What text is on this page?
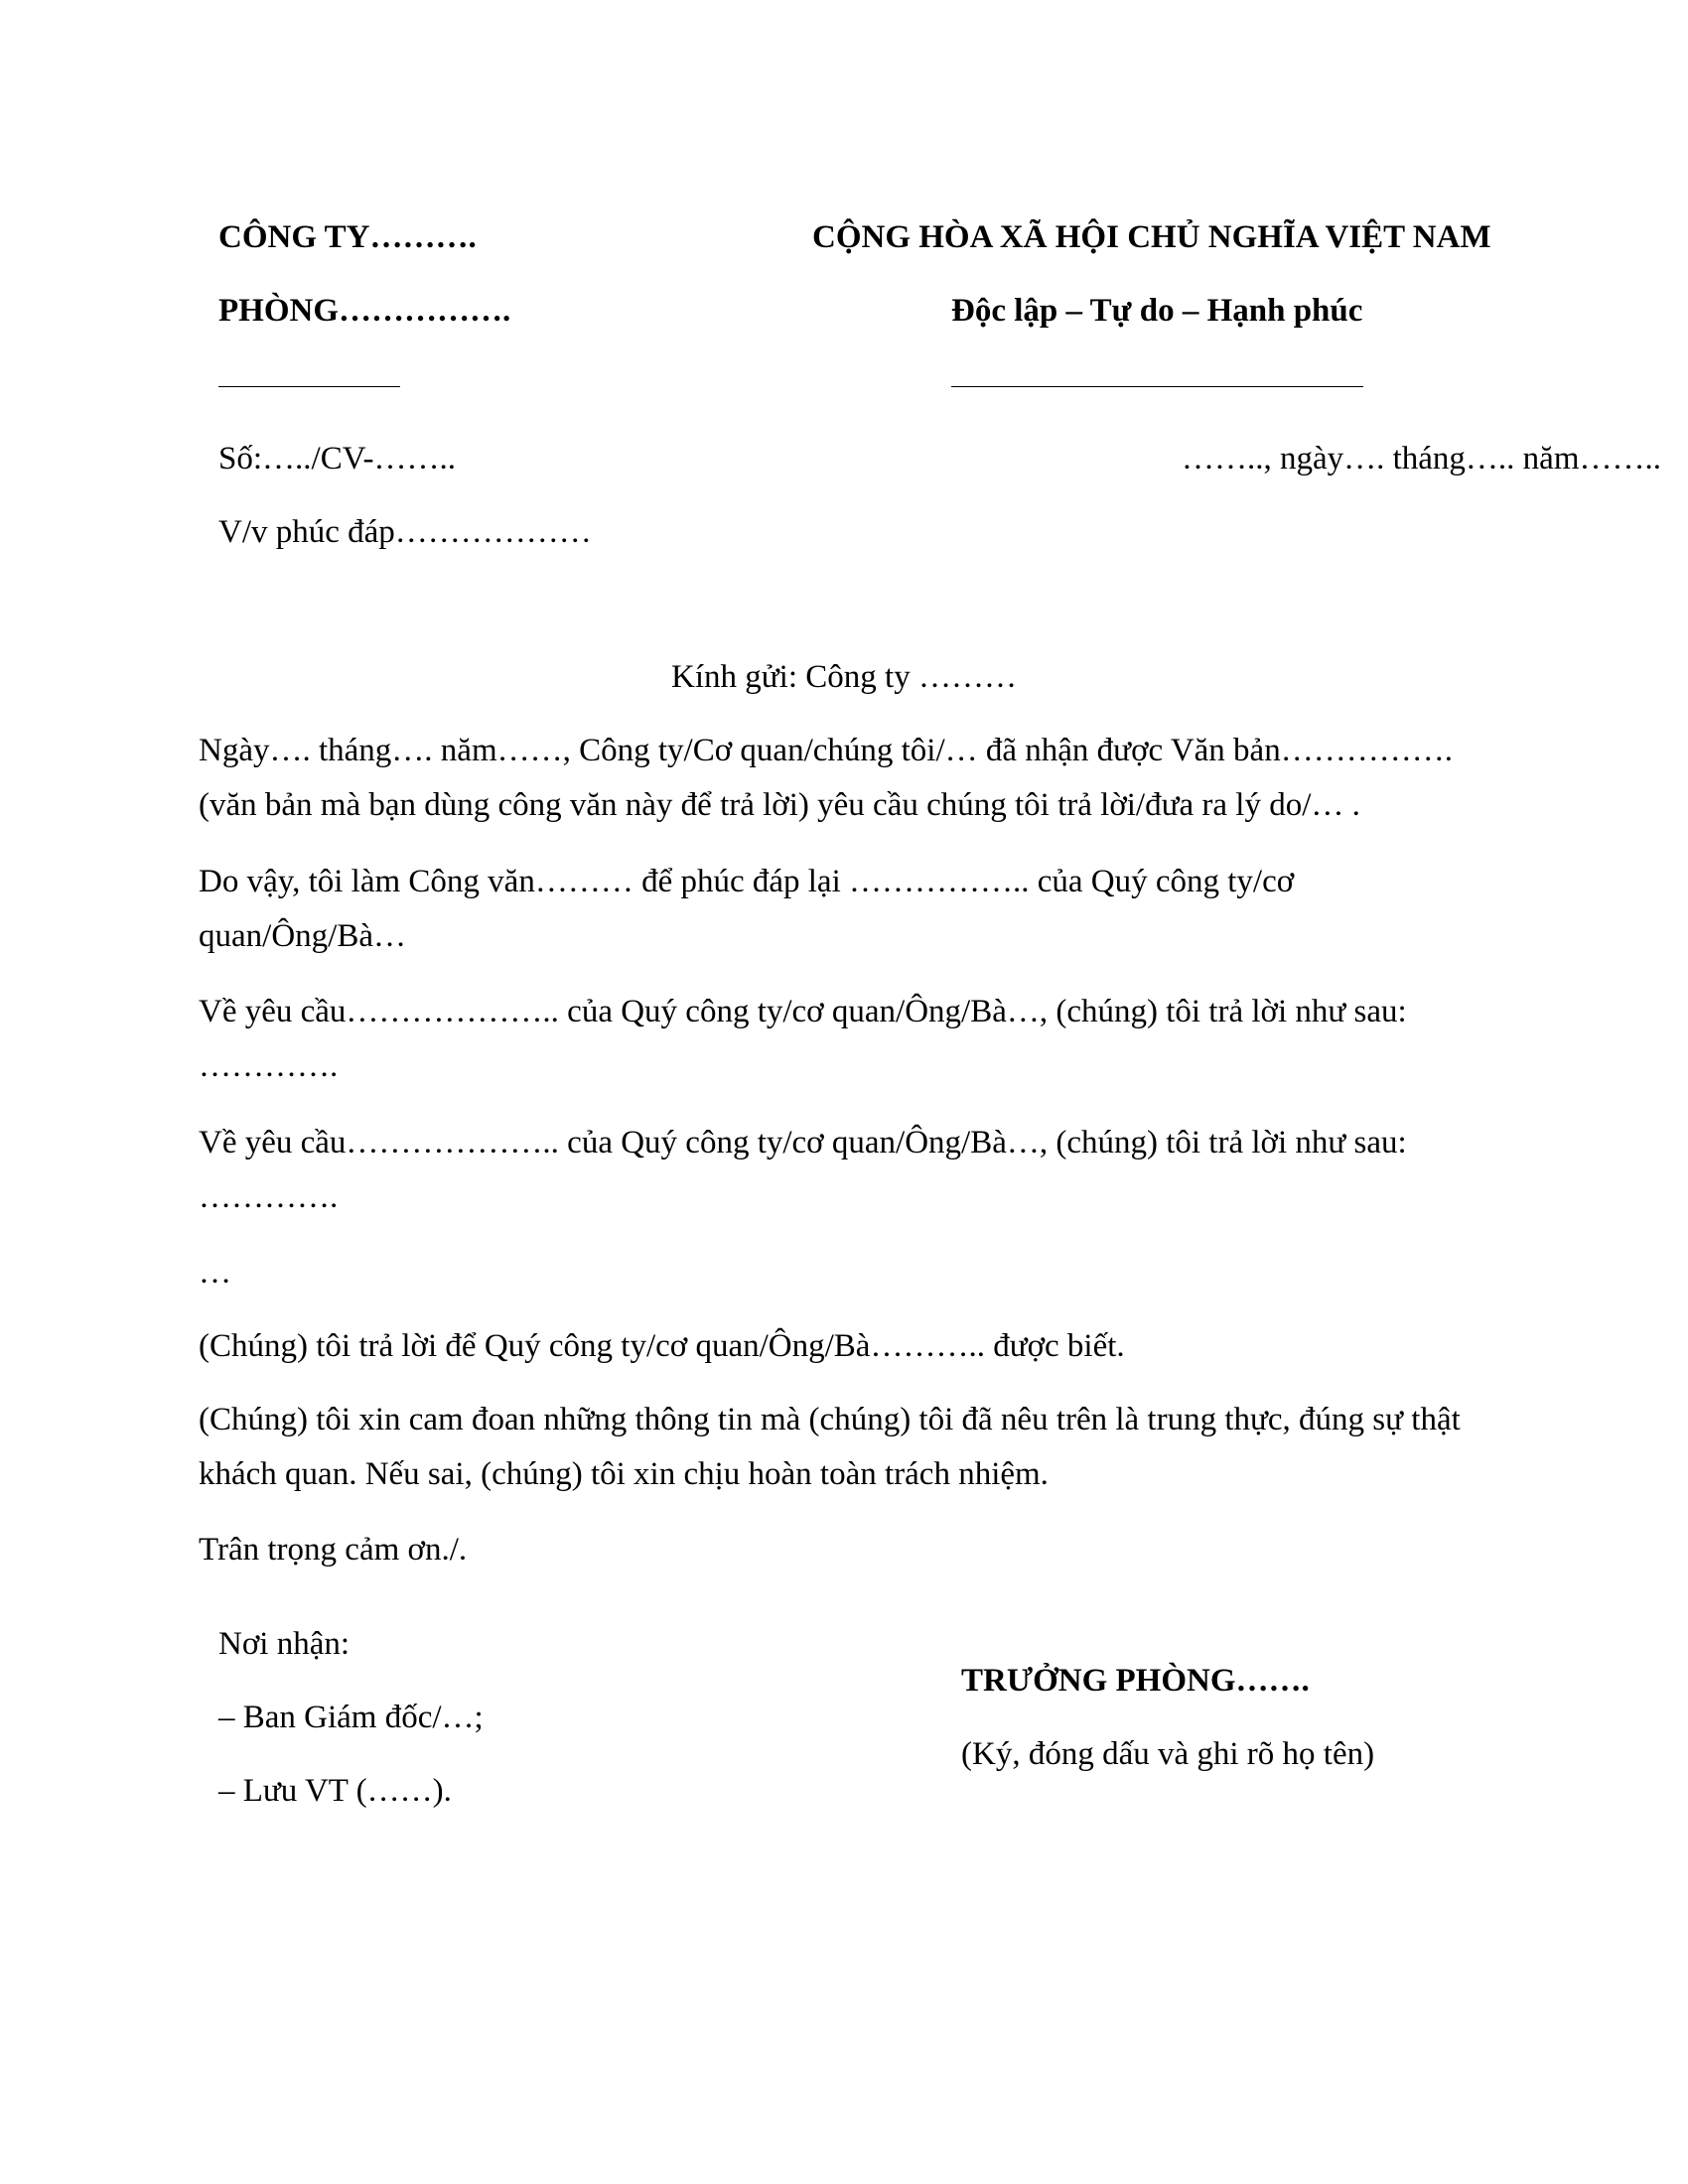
CÔNG TY……….
PHÒNG…………….
CỘNG HÒA XÃ HỘI CHỦ NGHĨA VIỆT NAM
Độc lập – Tự do – Hạnh phúc
Số:…../CV-……..
V/v phúc đáp………………
…….., ngày…. tháng….. năm……..
Kính gửi: Công ty ………
Ngày…. tháng…. năm……, Công ty/Cơ quan/chúng tôi/… đã nhận được Văn bản…………….
(văn bản mà bạn dùng công văn này để trả lời) yêu cầu chúng tôi trả lời/đưa ra lý do/… .
Do vậy, tôi làm Công văn……… để phúc đáp lại …………….. của Quý công ty/cơ
quan/Ông/Bà…
Về yêu cầu……………….. của Quý công ty/cơ quan/Ông/Bà…, (chúng) tôi trả lời như sau:
………….
Về yêu cầu……………….. của Quý công ty/cơ quan/Ông/Bà…, (chúng) tôi trả lời như sau:
………….
…
(Chúng) tôi trả lời để Quý công ty/cơ quan/Ông/Bà……….. được biết.
(Chúng) tôi xin cam đoan những thông tin mà (chúng) tôi đã nêu trên là trung thực, đúng sự thật
khách quan. Nếu sai, (chúng) tôi xin chịu hoàn toàn trách nhiệm.
Trân trọng cảm ơn./.
Nơi nhận:
– Ban Giám đốc/…;
– Lưu VT (……).
TRƯỞNG PHÒNG…….
(Ký, đóng dấu và ghi rõ họ tên)
